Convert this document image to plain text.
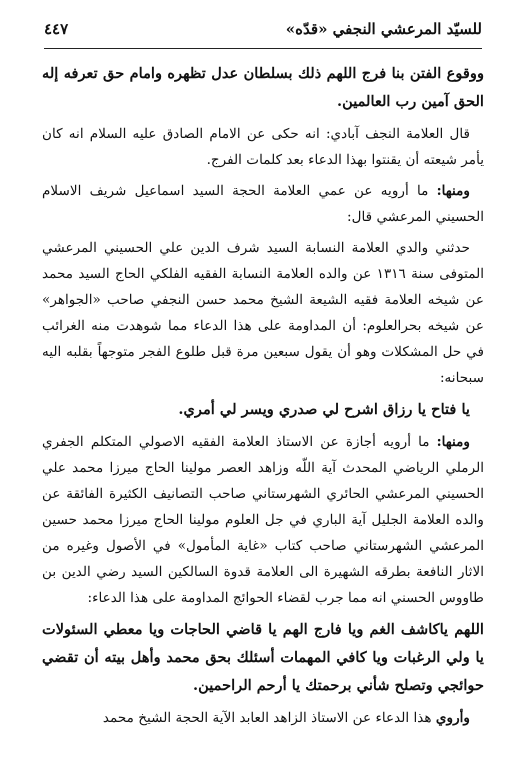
للسيّد المرعشي النجفي «قدّه»
٤٤٧

ووقوع الفتن بنا فرج اللهم ذلك بسلطان عدل تظهره وامام حق تعرفه إله الحق آمين رب العالمين.

قال العلامة النجف آبادي: انه حكى عن الامام الصادق عليه السلام انه كان يأمر شيعته أن يقنتوا بهذا الدعاء بعد كلمات الفرج.

ومنها: ما أرويه عن عمي العلامة الحجة السيد اسماعيل شريف الاسلام الحسيني المرعشي قال:

حدثني والدي العلامة النسابة السيد شرف الدين علي الحسيني المرعشي المتوفى سنة ١٣١٦ عن والده العلامة النسابة الفقيه الفلكي الحاج السيد محمد عن شيخه العلامة فقيه الشيعة الشيخ محمد حسن النجفي صاحب «الجواهر» عن شيخه بحرالعلوم: أن المداومة على هذا الدعاء مما شوهدت منه الغرائب في حل المشكلات وهو أن يقول سبعين مرة قبل طلوع الفجر متوجهاً بقلبه اليه سبحانه:

يا فتاح يا رزاق اشرح لي صدري ويسر لي أمري.

ومنها: ما أرويه أجازة عن الاستاذ العلامة الفقيه الاصولي المتكلم الجفري الرملي الرياضي المحدث آية اللّه وزاهد العصر مولينا الحاج ميرزا محمد علي الحسيني المرعشي الحائري الشهرستاني صاحب التصانيف الكثيرة الفائقة عن والده العلامة الجليل آية الباري في جل العلوم مولينا الحاج ميرزا محمد حسين المرعشي الشهرستاني صاحب كتاب «غاية المأمول» في الأصول وغيره من الاثار النافعة بطرقه الشهيرة الى العلامة قدوة السالكين السيد رضي الدين بن طاووس الحسني انه مما جرب لقضاء الحوائج المداومة على هذا الدعاء:

اللهم ياكاشف الغم ويا فارج الهم يا قاضي الحاجات ويا معطي السئولات يا ولي الرغبات ويا كافي المهمات أسئلك بحق محمد وأهل بيته أن تقضي حوائجي وتصلح شأني برحمتك يا أرحم الراحمين.

وأروي هذا الدعاء عن الاستاذ الزاهد العابد الآية الحجة الشيخ محمد
